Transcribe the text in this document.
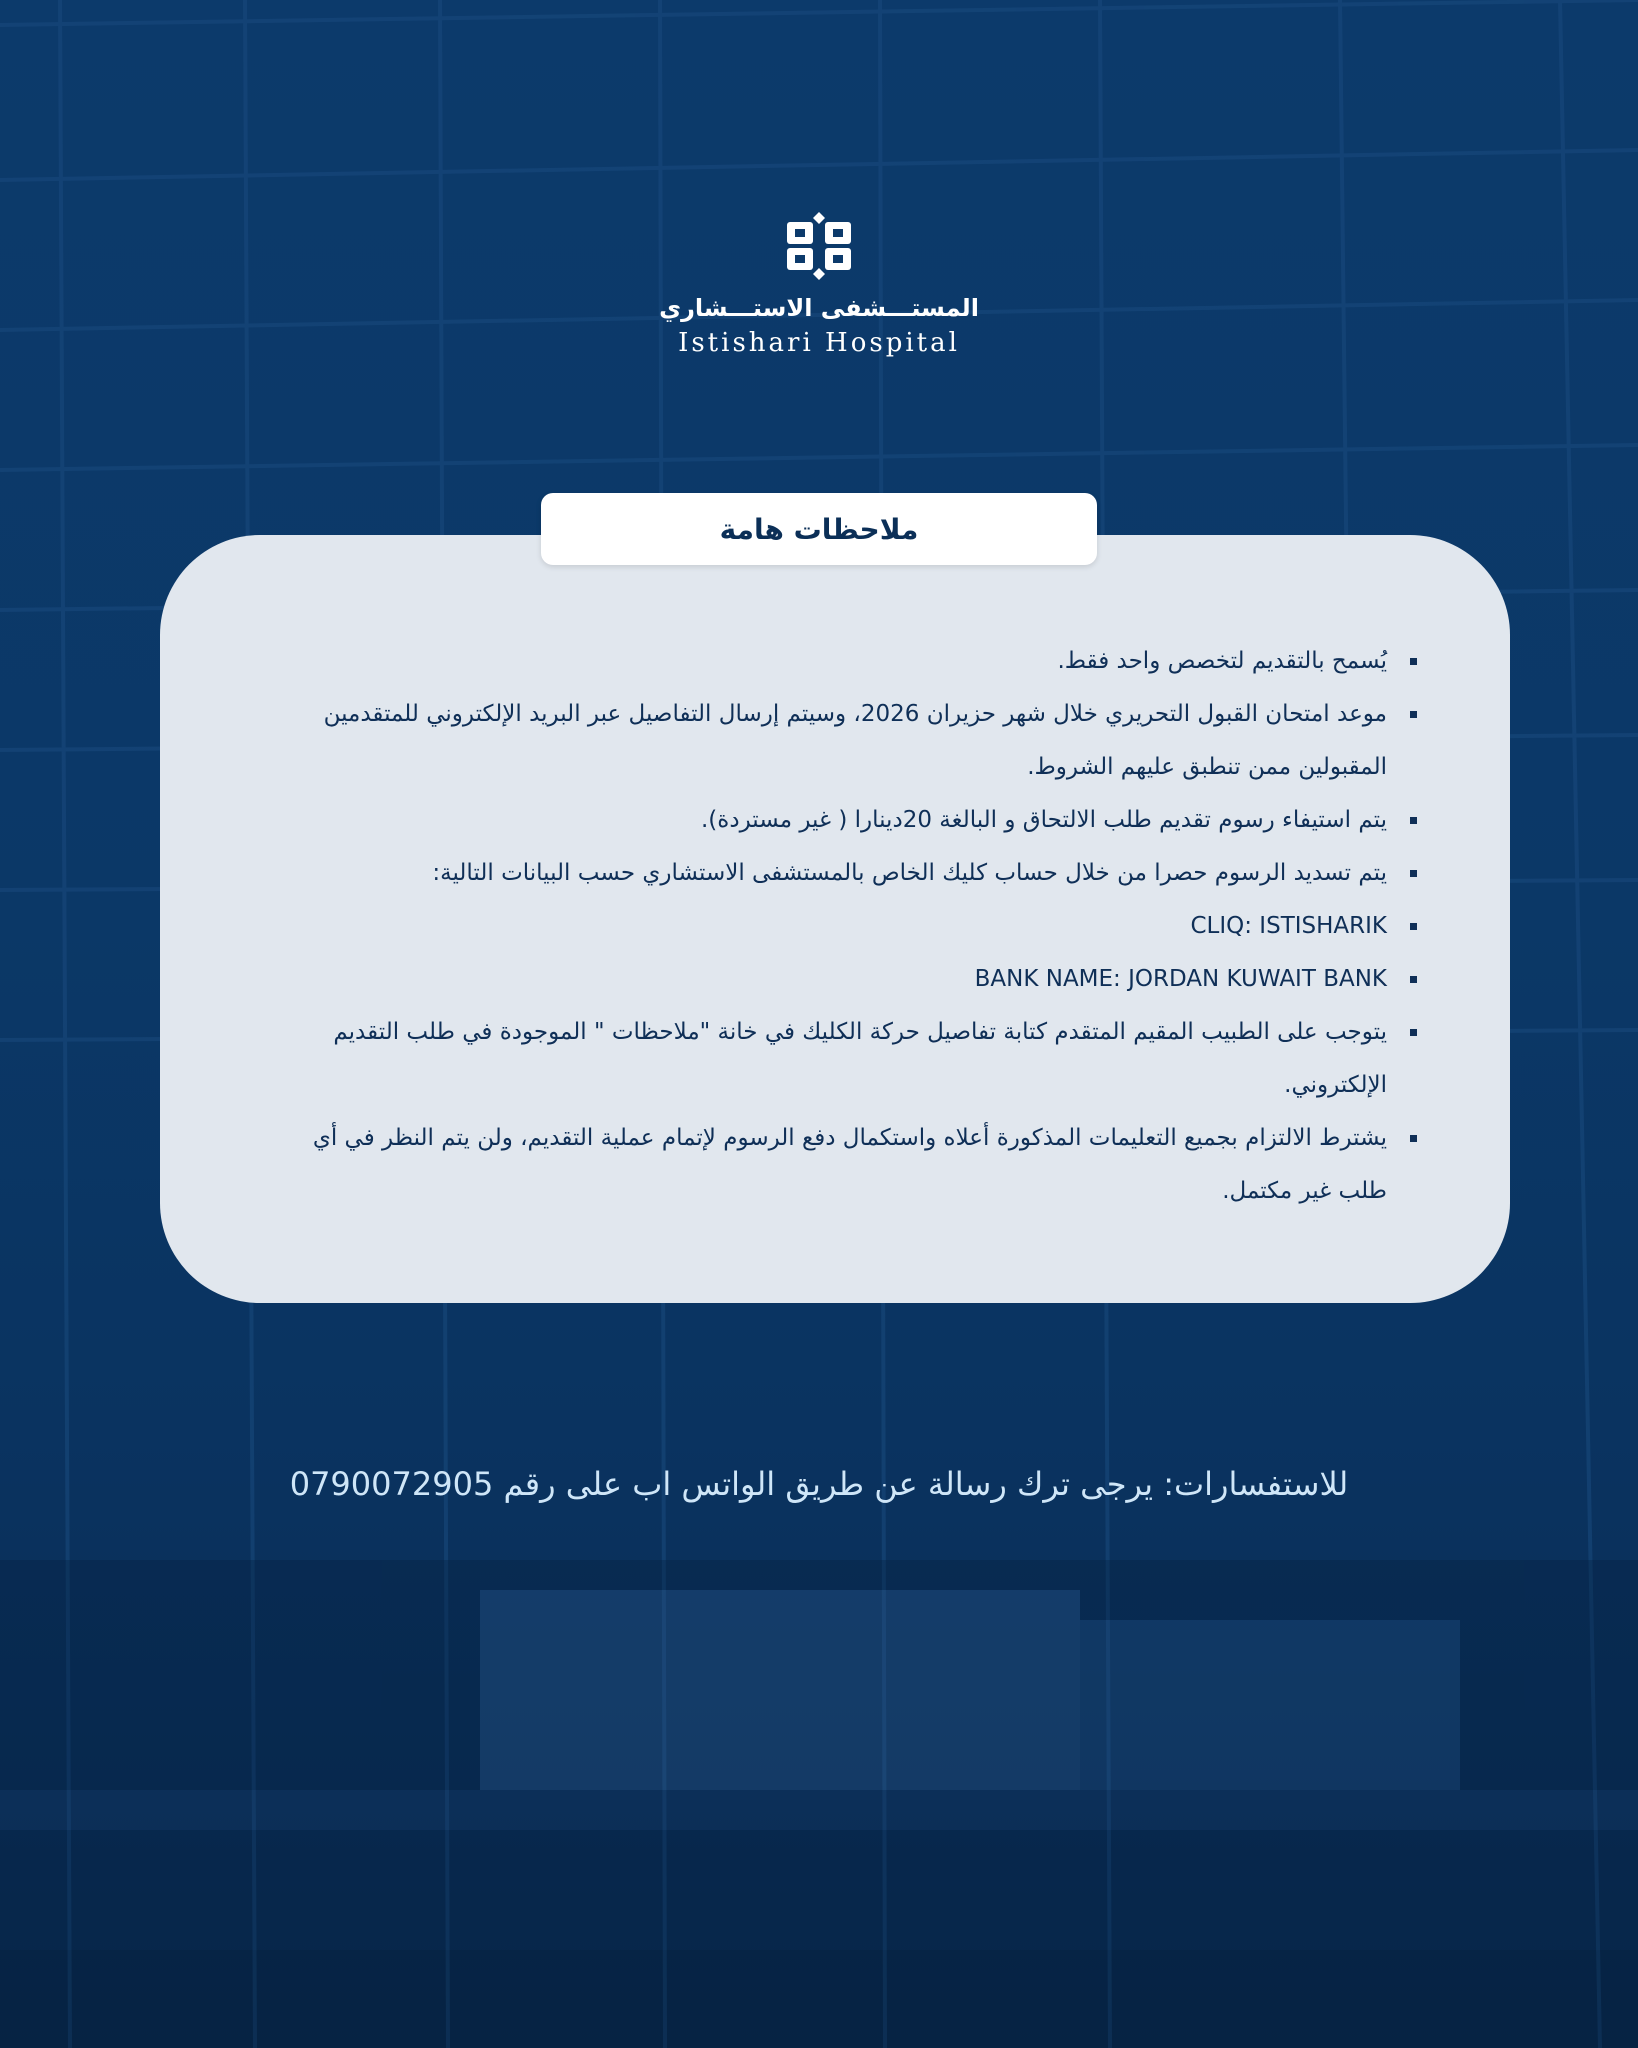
المستـــشفى الاستـــشاري
Istishari Hospital
ملاحظات هامة
يُسمح بالتقديم لتخصص واحد فقط.
موعد امتحان القبول التحريري خلال شهر حزيران 2026، وسيتم إرسال التفاصيل عبر البريد الإلكتروني للمتقدمين المقبولين ممن تنطبق عليهم الشروط.
يتم استيفاء رسوم تقديم طلب الالتحاق و البالغة 20دينارا ( غير مستردة).
يتم تسديد الرسوم حصرا من خلال حساب كليك الخاص بالمستشفى الاستشاري حسب البيانات التالية:
CLIQ: ISTISHARIK
BANK NAME: JORDAN KUWAIT BANK
يتوجب على الطبيب المقيم المتقدم كتابة تفاصيل حركة الكليك في خانة "ملاحظات " الموجودة في طلب التقديم الإلكتروني.
يشترط الالتزام بجميع التعليمات المذكورة أعلاه واستكمال دفع الرسوم لإتمام عملية التقديم، ولن يتم النظر في أي طلب غير مكتمل.
للاستفسارات: يرجى ترك رسالة عن طريق الواتس اب على رقم 0790072905
